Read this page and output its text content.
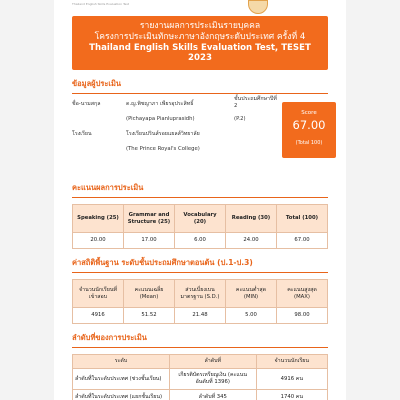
Thailand English Skills Evaluation Test
รายงานผลการประเมินรายบุคคล
โครงการประเมินทักษะภาษาอังกฤษระดับประเทศ ครั้งที่ 4
Thailand English Skills Evaluation Test, TESET
2023
ข้อมูลผู้ประเมิน
ชื่อ-นามสกุล	ด.ญ.พิชญาภา เพียรอุประสิทธิ์
(Pichayapa Pianluprasidh)
โรงเรียน	โรงเรียนปรินส์รอยแยลส์วิทยาลัย
(The Prince Royal's College)
ชั้นประถมศึกษาปีที่ 2
(P.2)
Score
67.00
(Total 100)
คะแนนผลการประเมิน
Speaking (25)	Grammar and Structure (25)	Vocabulary (20)	Reading (30)	Total (100)
20.00	17.00	6.00	24.00	67.00
ค่าสถิติพื้นฐาน ระดับชั้นประถมศึกษาตอนต้น (ป.1-ป.3)
จำนวนนักเรียนที่เข้าสอบ	คะแนนเฉลี่ย (Mean)	ส่วนเบี่ยงเบนมาตรฐาน (S.D.)	คะแนนต่ำสุด (MIN)	คะแนนสูงสุด (MAX)
4916	51.52	21.48	5.00	98.00
ลำดับที่ของการประเมิน
ระดับ	ลำดับที่	จำนวนนักเรียน
ลำดับที่ในระดับประเทศ (ช่วงชั้นเรียน)	เกียรติบัตรเหรียญเงิน (คะแนนอันดับที่ 1396)	4916 คน
ลำดับที่ในระดับประเทศ (แยกชั้นเรียน)	ลำดับที่ 345	1740 คน
